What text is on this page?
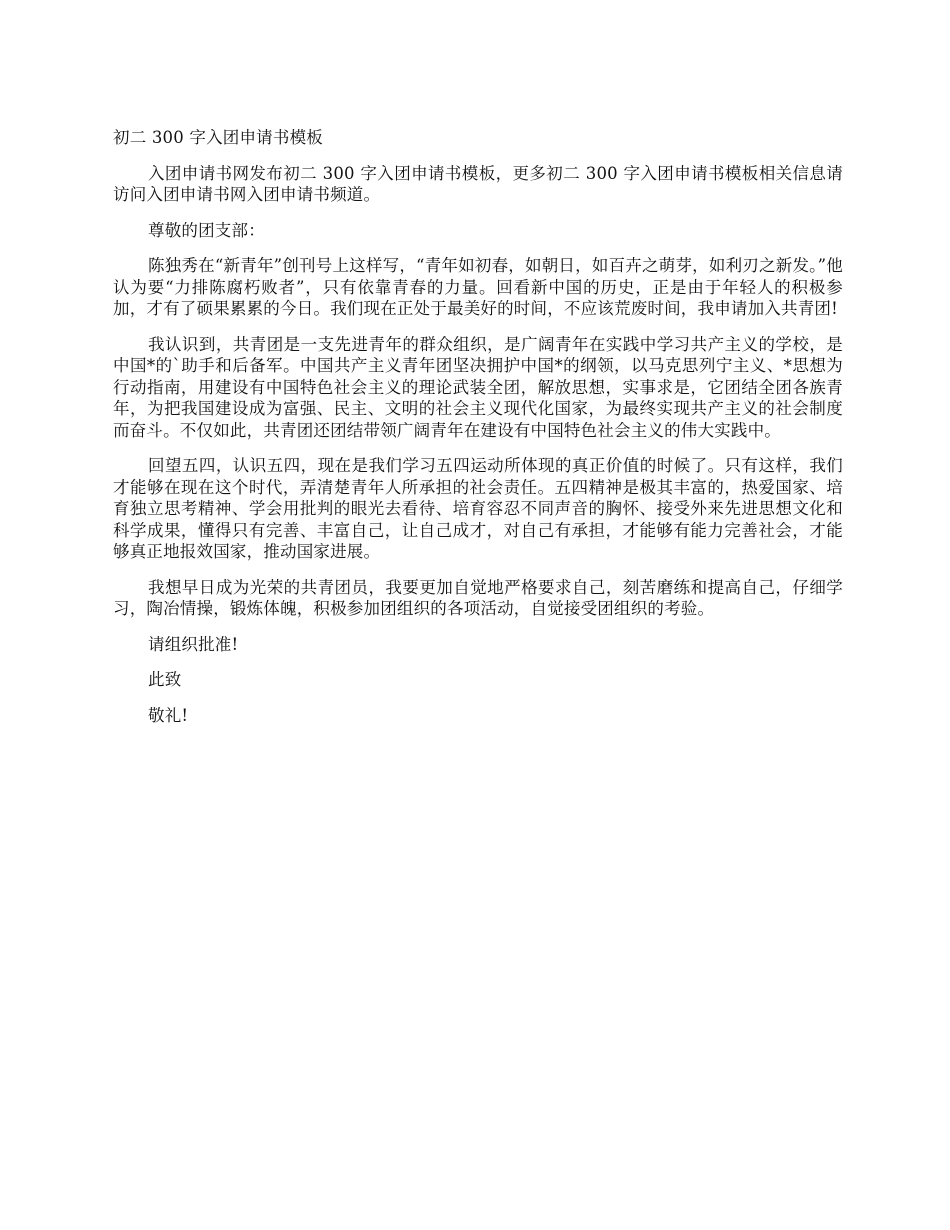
初二 300 字入团申请书模板

入团申请书网发布初二 300 字入团申请书模板，更多初二 300 字入团申请书模板相关信息请访问入团申请书网入团申请书频道。

尊敬的团支部：

陈独秀在“新青年”创刊号上这样写，“青年如初春，如朝日，如百卉之萌芽，如利刃之新发。”他认为要“力排陈腐朽败者”，只有依靠青春的力量。回看新中国的历史，正是由于年轻人的积极参加，才有了硕果累累的今日。我们现在正处于最美好的时间，不应该荒废时间，我申请加入共青团!

我认识到，共青团是一支先进青年的群众组织，是广阔青年在实践中学习共产主义的学校，是中国*的`助手和后备军。中国共产主义青年团坚决拥护中国*的纲领，以马克思列宁主义、*思想为行动指南，用建设有中国特色社会主义的理论武装全团，解放思想，实事求是，它团结全团各族青年，为把我国建设成为富强、民主、文明的社会主义现代化国家，为最终实现共产主义的社会制度而奋斗。不仅如此，共青团还团结带领广阔青年在建设有中国特色社会主义的伟大实践中。

回望五四，认识五四，现在是我们学习五四运动所体现的真正价值的时候了。只有这样，我们才能够在现在这个时代，弄清楚青年人所承担的社会责任。五四精神是极其丰富的，热爱国家、培育独立思考精神、学会用批判的眼光去看待、培育容忍不同声音的胸怀、接受外来先进思想文化和科学成果，懂得只有完善、丰富自己，让自己成才，对自己有承担，才能够有能力完善社会，才能够真正地报效国家，推动国家进展。

我想早日成为光荣的共青团员，我要更加自觉地严格要求自己，刻苦磨练和提高自己，仔细学习，陶冶情操，锻炼体魄，积极参加团组织的各项活动，自觉接受团组织的考验。

请组织批准!

此致

敬礼!
